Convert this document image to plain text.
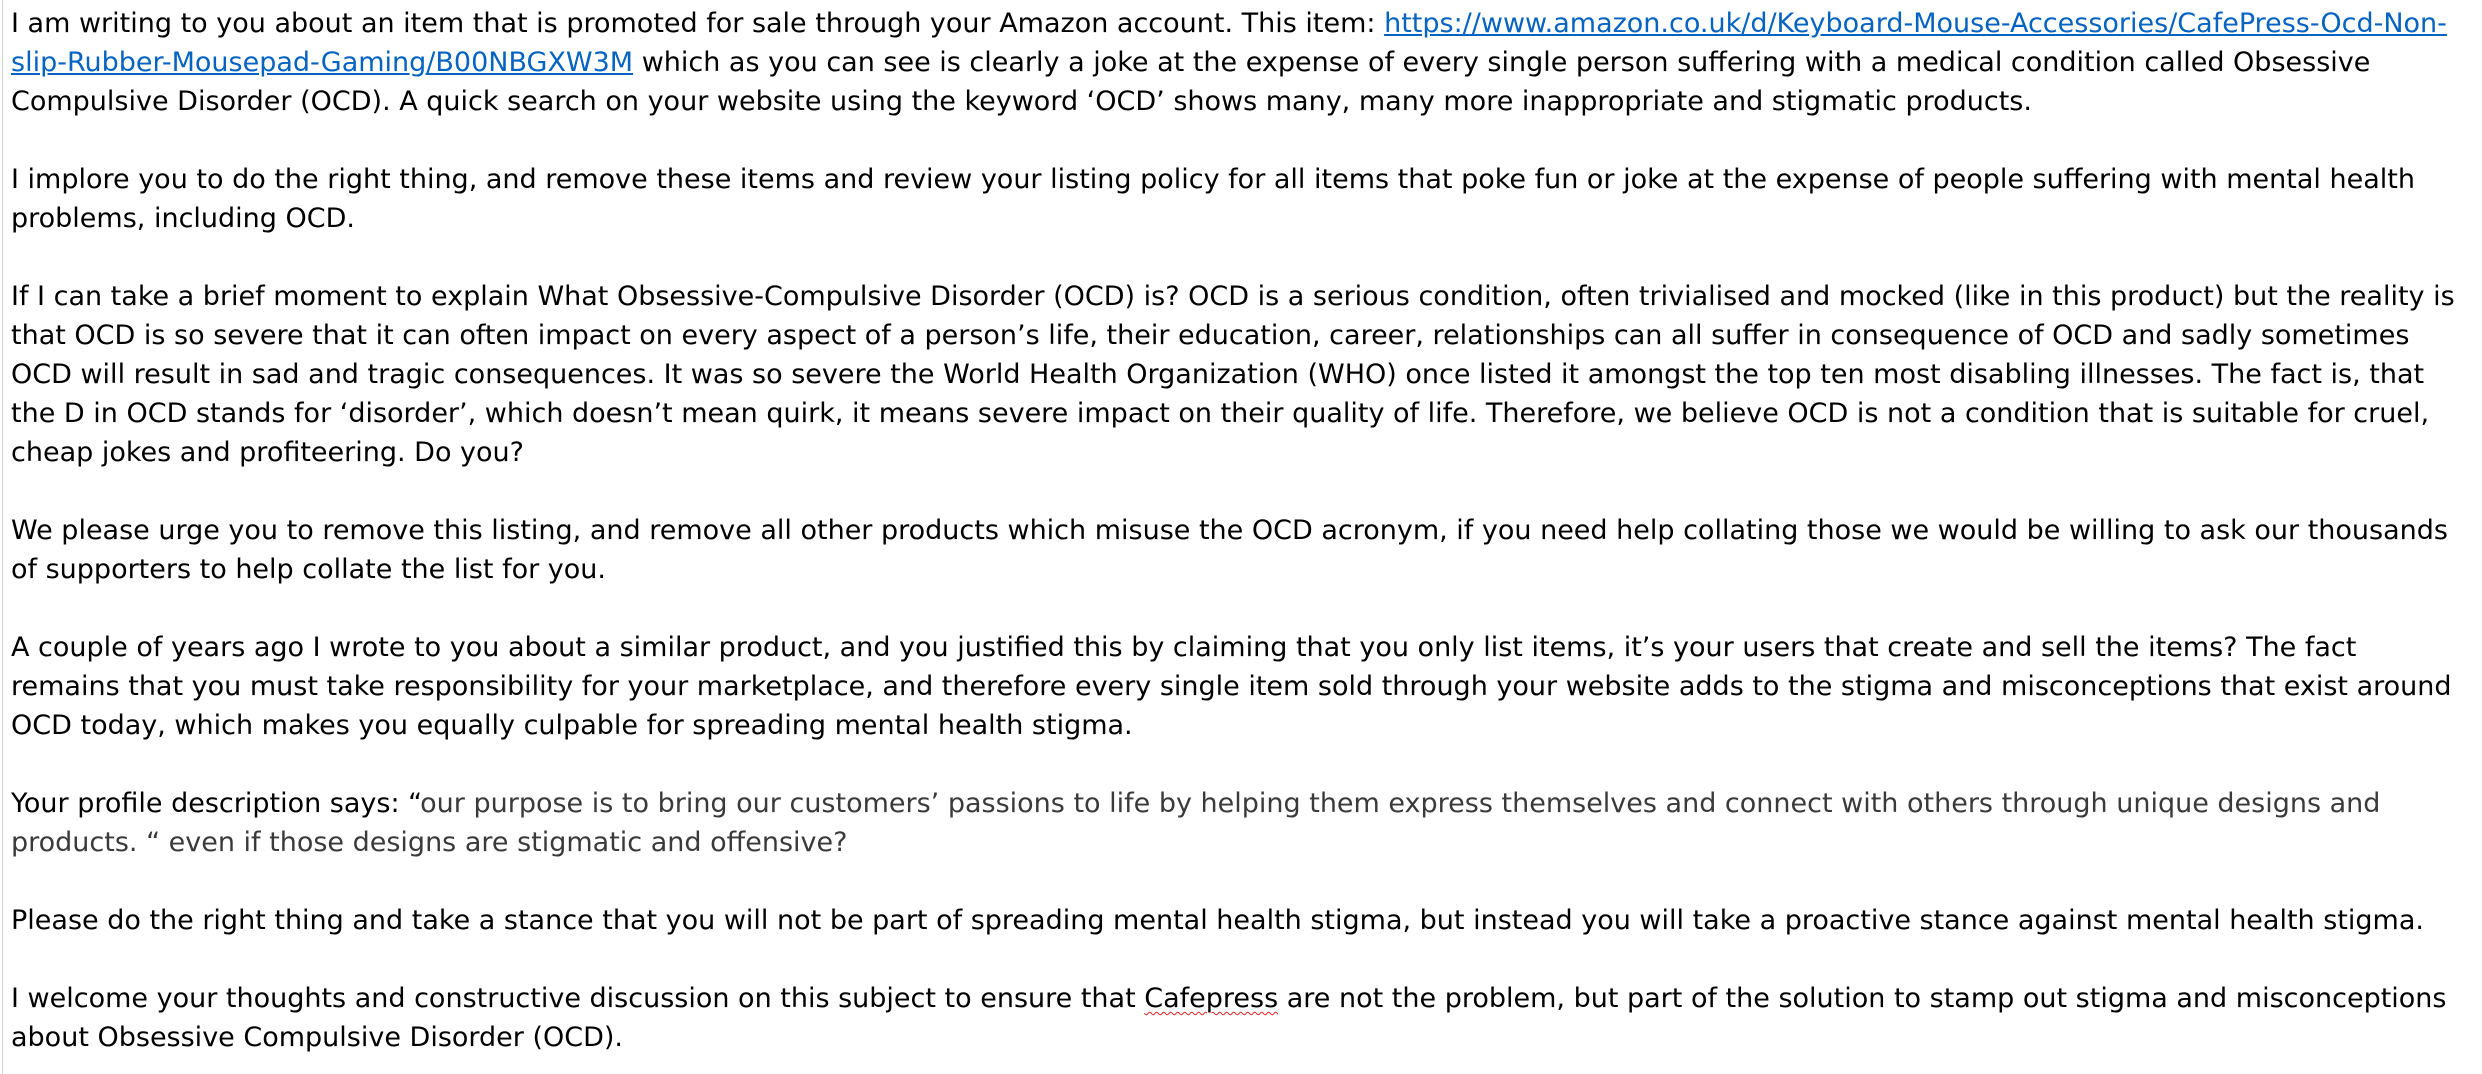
I am writing to you about an item that is promoted for sale through your Amazon account. This item: https://www.amazon.co.uk/d/Keyboard-Mouse-Accessories/CafePress-Ocd-Non-slip-Rubber-Mousepad-Gaming/B00NBGXW3M which as you can see is clearly a joke at the expense of every single person suffering with a medical condition called Obsessive Compulsive Disorder (OCD). A quick search on your website using the keyword ‘OCD’ shows many, many more inappropriate and stigmatic products.

I implore you to do the right thing, and remove these items and review your listing policy for all items that poke fun or joke at the expense of people suffering with mental health problems, including OCD.

If I can take a brief moment to explain What Obsessive-Compulsive Disorder (OCD) is? OCD is a serious condition, often trivialised and mocked (like in this product) but the reality is that OCD is so severe that it can often impact on every aspect of a person’s life, their education, career, relationships can all suffer in consequence of OCD and sadly sometimes OCD will result in sad and tragic consequences. It was so severe the World Health Organization (WHO) once listed it amongst the top ten most disabling illnesses. The fact is, that the D in OCD stands for ‘disorder’, which doesn’t mean quirk, it means severe impact on their quality of life. Therefore, we believe OCD is not a condition that is suitable for cruel, cheap jokes and profiteering. Do you?

We please urge you to remove this listing, and remove all other products which misuse the OCD acronym, if you need help collating those we would be willing to ask our thousands of supporters to help collate the list for you.

A couple of years ago I wrote to you about a similar product, and you justified this by claiming that you only list items, it’s your users that create and sell the items? The fact remains that you must take responsibility for your marketplace, and therefore every single item sold through your website adds to the stigma and misconceptions that exist around OCD today, which makes you equally culpable for spreading mental health stigma.

Your profile description says: “our purpose is to bring our customers’ passions to life by helping them express themselves and connect with others through unique designs and products. “ even if those designs are stigmatic and offensive?

Please do the right thing and take a stance that you will not be part of spreading mental health stigma, but instead you will take a proactive stance against mental health stigma.

I welcome your thoughts and constructive discussion on this subject to ensure that Cafepress are not the problem, but part of the solution to stamp out stigma and misconceptions about Obsessive Compulsive Disorder (OCD).
